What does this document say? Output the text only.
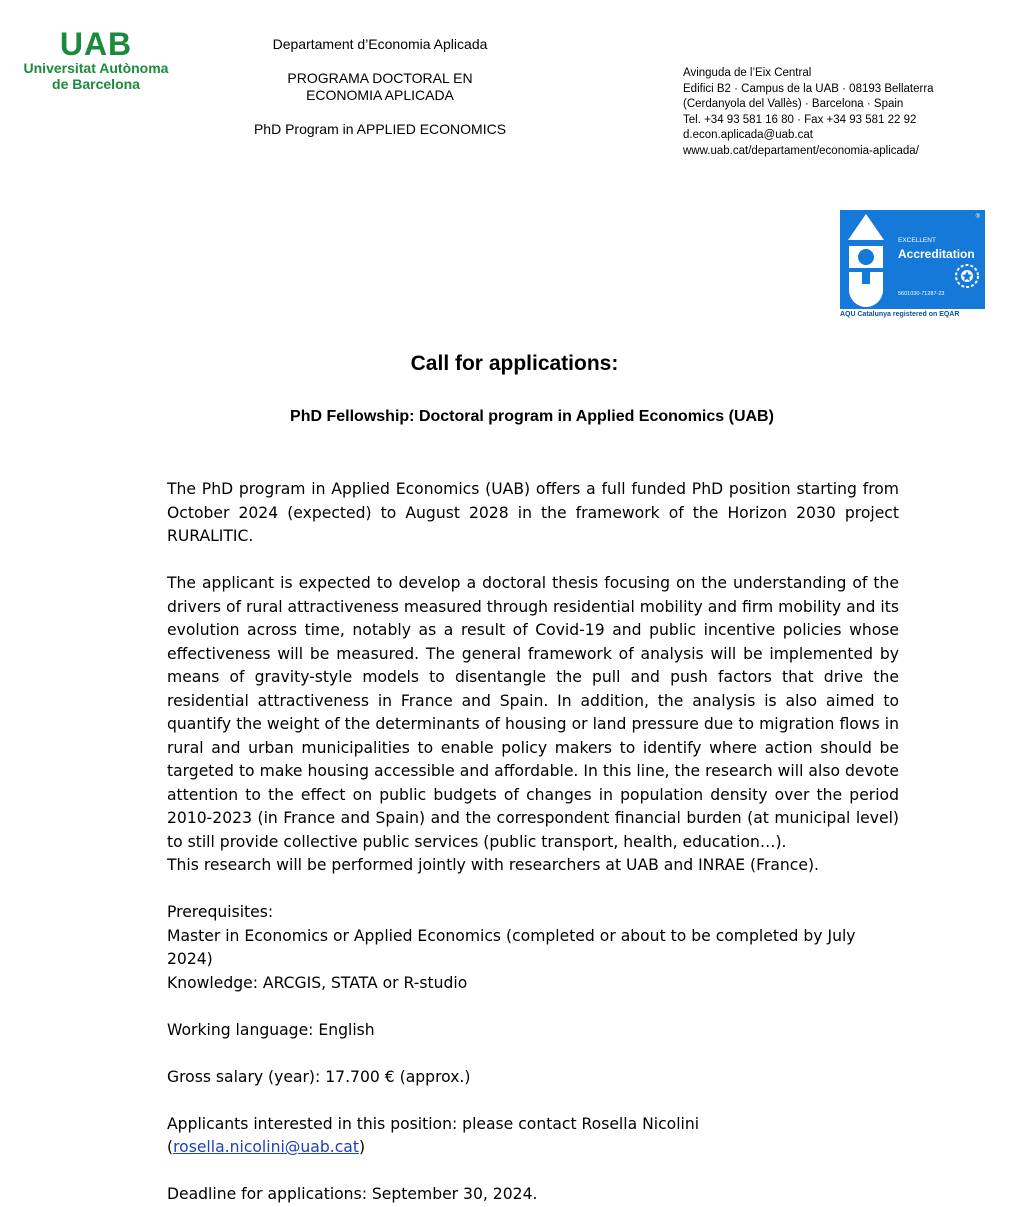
UAB
Universitat Autònoma
de Barcelona
Departament d’Economia Aplicada
PROGRAMA DOCTORAL EN
ECONOMIA APLICADA
PhD Program in APPLIED ECONOMICS
Avinguda de l’Eix Central
Edifici B2 · Campus de la UAB · 08193 Bellaterra
(Cerdanyola del Vallès) · Barcelona · Spain
Tel. +34 93 581 16 80 · Fax +34 93 581 22 92
d.econ.aplicada@uab.cat
www.uab.cat/departament/economia-aplicada/
®
EXCELLENT
Accreditation
5601030-71287-23
AQU Catalunya registered on EQAR
Call for applications:
PhD Fellowship: Doctoral program in Applied Economics (UAB)

The PhD program in Applied Economics (UAB) offers a full funded PhD position starting from October 2024 (expected) to August 2028 in the framework of the Horizon 2030 project RURALITIC.

The applicant is expected to develop a doctoral thesis focusing on the understanding of the drivers of rural attractiveness measured through residential mobility and firm mobility and its evolution across time, notably as a result of Covid-19 and public incentive policies whose effectiveness will be measured. The general framework of analysis will be implemented by means of gravity-style models to disentangle the pull and push factors that drive the residential attractiveness in France and Spain. In addition, the analysis is also aimed to quantify the weight of the determinants of housing or land pressure due to migration flows in rural and urban municipalities to enable policy makers to identify where action should be targeted to make housing accessible and affordable. In this line, the research will also devote attention to the effect on public budgets of changes in population density over the period 2010-2023 (in France and Spain) and the correspondent financial burden (at municipal level) to still provide collective public services (public transport, health, education…).

This research will be performed jointly with researchers at UAB and INRAE (France).

Prerequisites:

Master in Economics or Applied Economics (completed or about to be completed by July 2024)

Knowledge: ARCGIS, STATA or R-studio

Working language: English

Gross salary (year): 17.700 € (approx.)

Applicants interested in this position: please contact Rosella Nicolini (rosella.nicolini@uab.cat)

Deadline for applications: September 30, 2024.
